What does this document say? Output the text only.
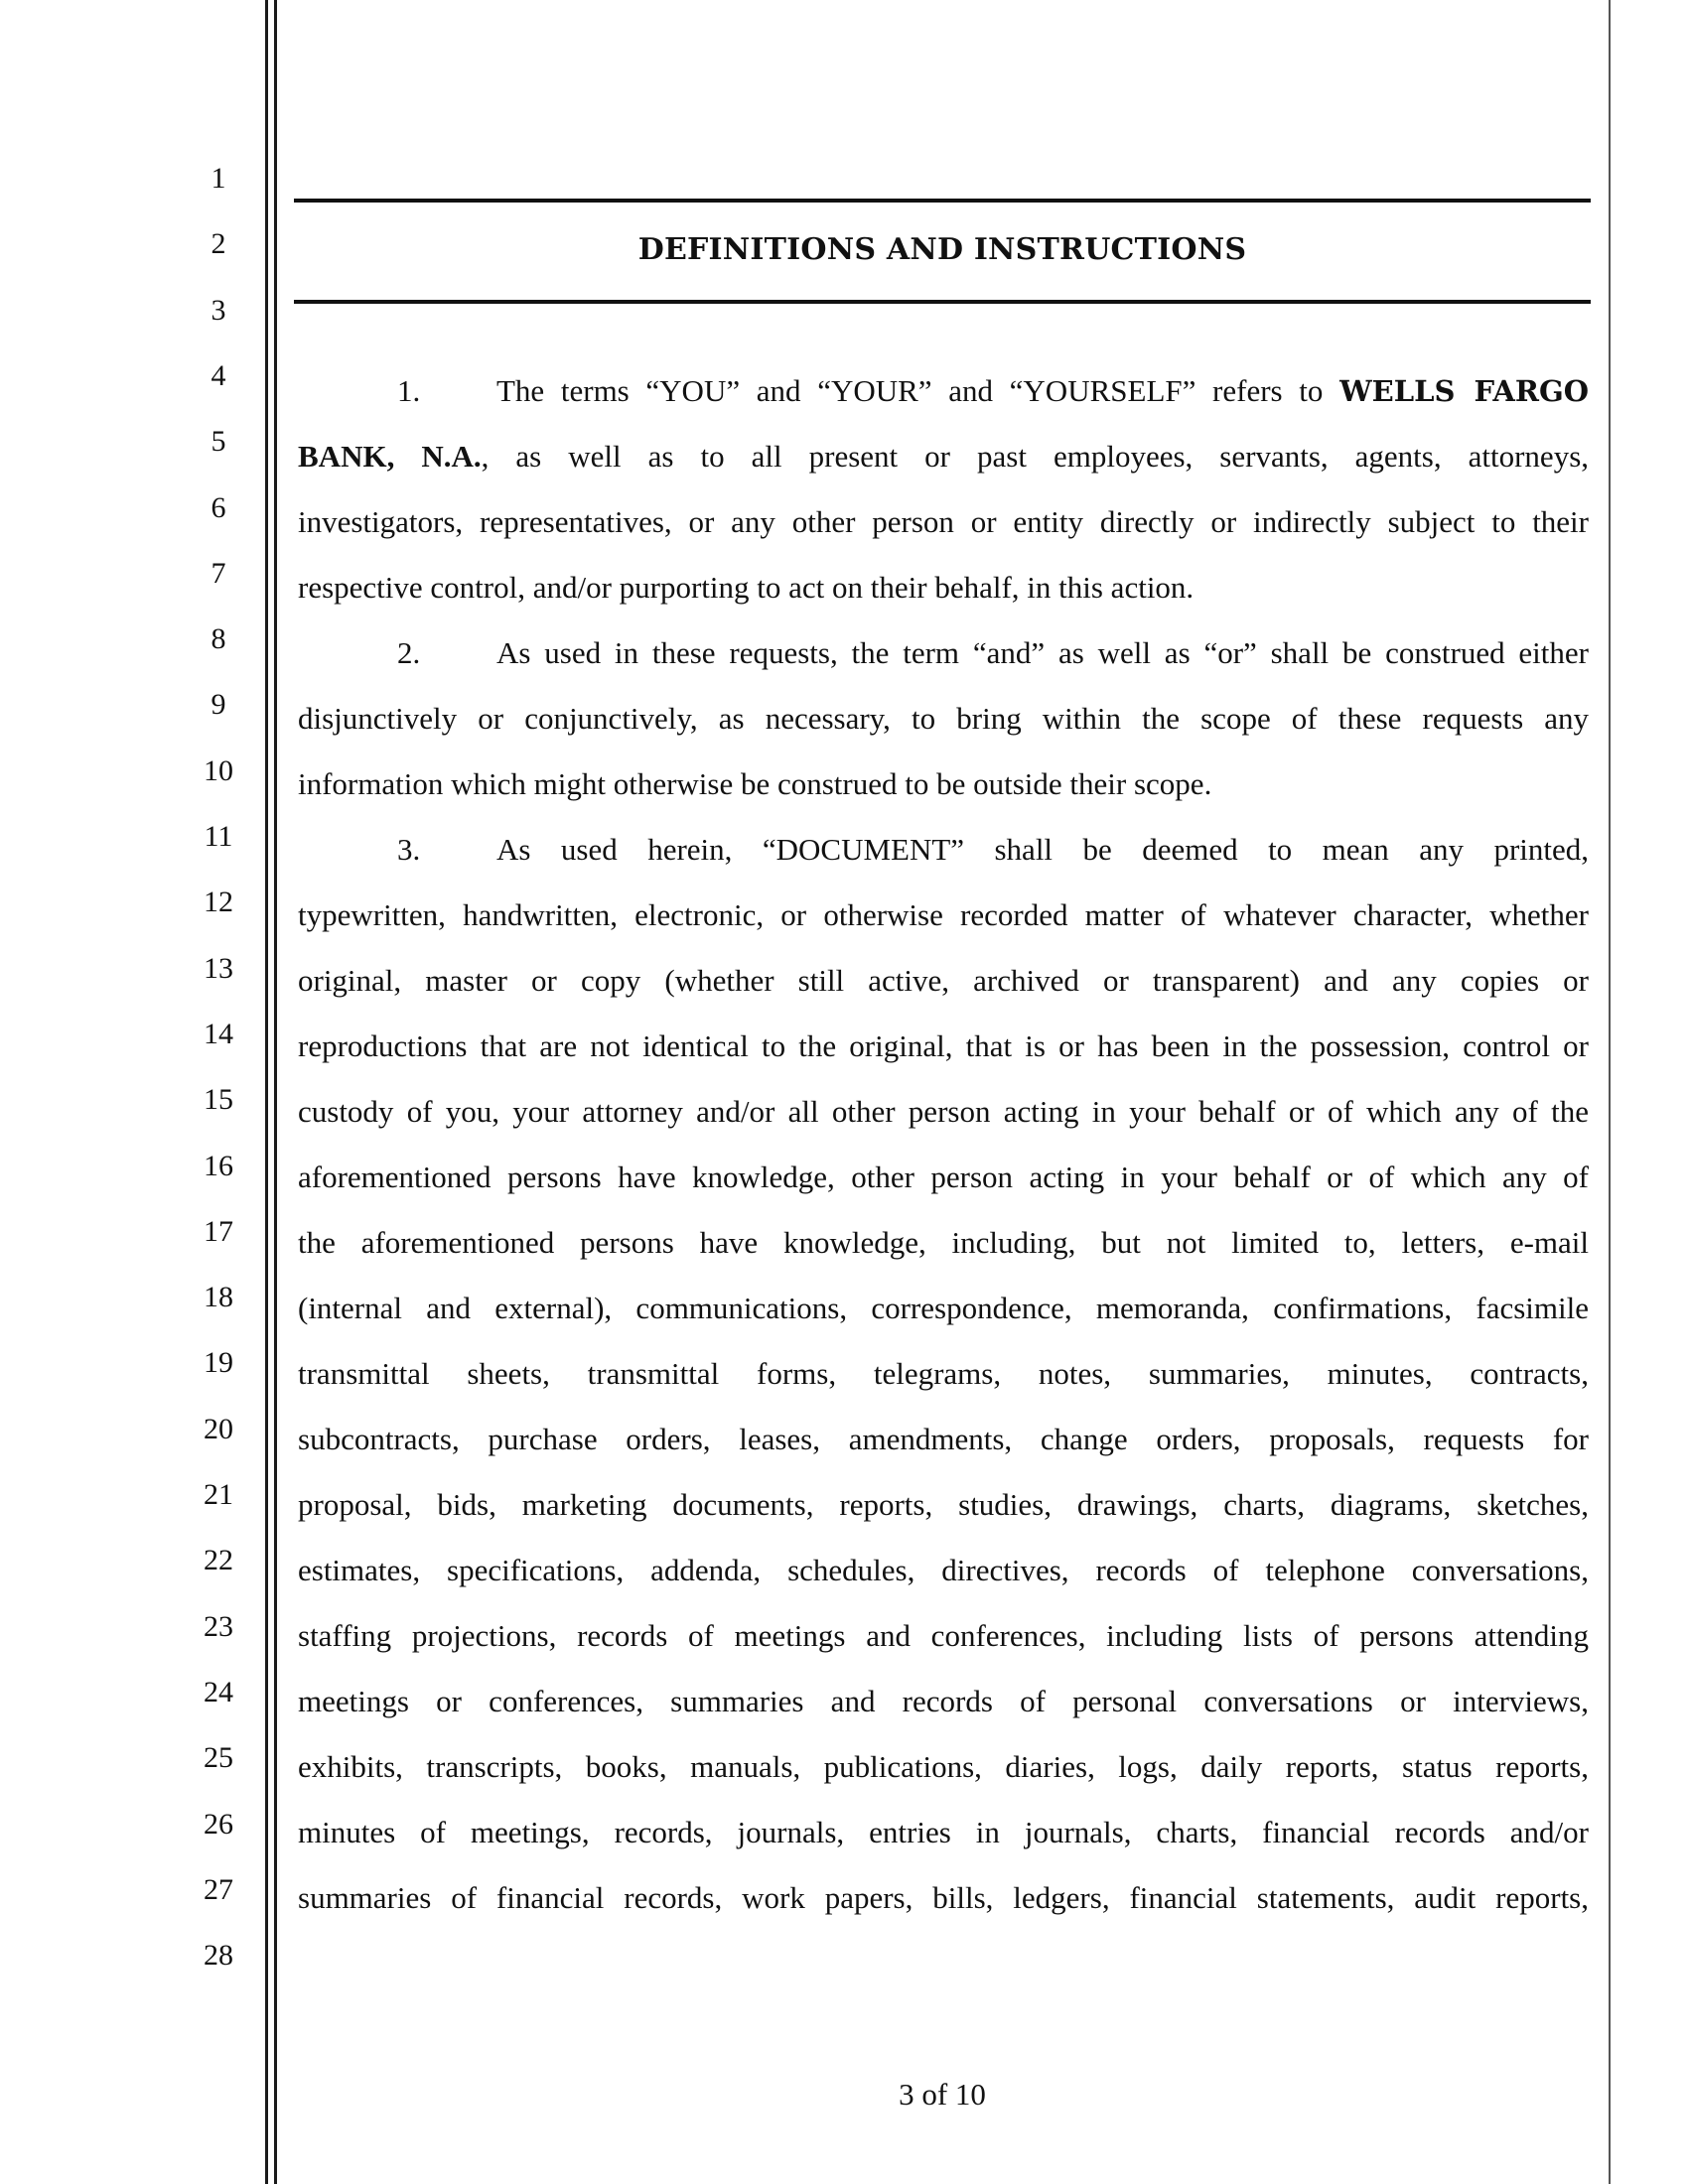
1
2
3
4
5
6
7
8
9
10
11
12
13
14
15
16
17
18
19
20
21
22
23
24
25
26
27
28
DEFINITIONS AND INSTRUCTIONS
1. The terms “YOU” and “YOUR” and “YOURSELF” refers to WELLS FARGO
BANK, N.A., as well as to all present or past employees, servants, agents, attorneys,
investigators, representatives, or any other person or entity directly or indirectly subject to their
respective control, and/or purporting to act on their behalf, in this action.
2. As used in these requests, the term “and” as well as “or” shall be construed either
disjunctively or conjunctively, as necessary, to bring within the scope of these requests any
information which might otherwise be construed to be outside their scope.
3. As used herein, “DOCUMENT” shall be deemed to mean any printed,
typewritten, handwritten, electronic, or otherwise recorded matter of whatever character, whether
original, master or copy (whether still active, archived or transparent) and any copies or
reproductions that are not identical to the original, that is or has been in the possession, control or
custody of you, your attorney and/or all other person acting in your behalf or of which any of the
aforementioned persons have knowledge, other person acting in your behalf or of which any of
the aforementioned persons have knowledge, including, but not limited to, letters, e-mail
(internal and external), communications, correspondence, memoranda, confirmations, facsimile
transmittal sheets, transmittal forms, telegrams, notes, summaries, minutes, contracts,
subcontracts, purchase orders, leases, amendments, change orders, proposals, requests for
proposal, bids, marketing documents, reports, studies, drawings, charts, diagrams, sketches,
estimates, specifications, addenda, schedules, directives, records of telephone conversations,
staffing projections, records of meetings and conferences, including lists of persons attending
meetings or conferences, summaries and records of personal conversations or interviews,
exhibits, transcripts, books, manuals, publications, diaries, logs, daily reports, status reports,
minutes of meetings, records, journals, entries in journals, charts, financial records and/or
summaries of financial records, work papers, bills, ledgers, financial statements, audit reports,
3 of 10
